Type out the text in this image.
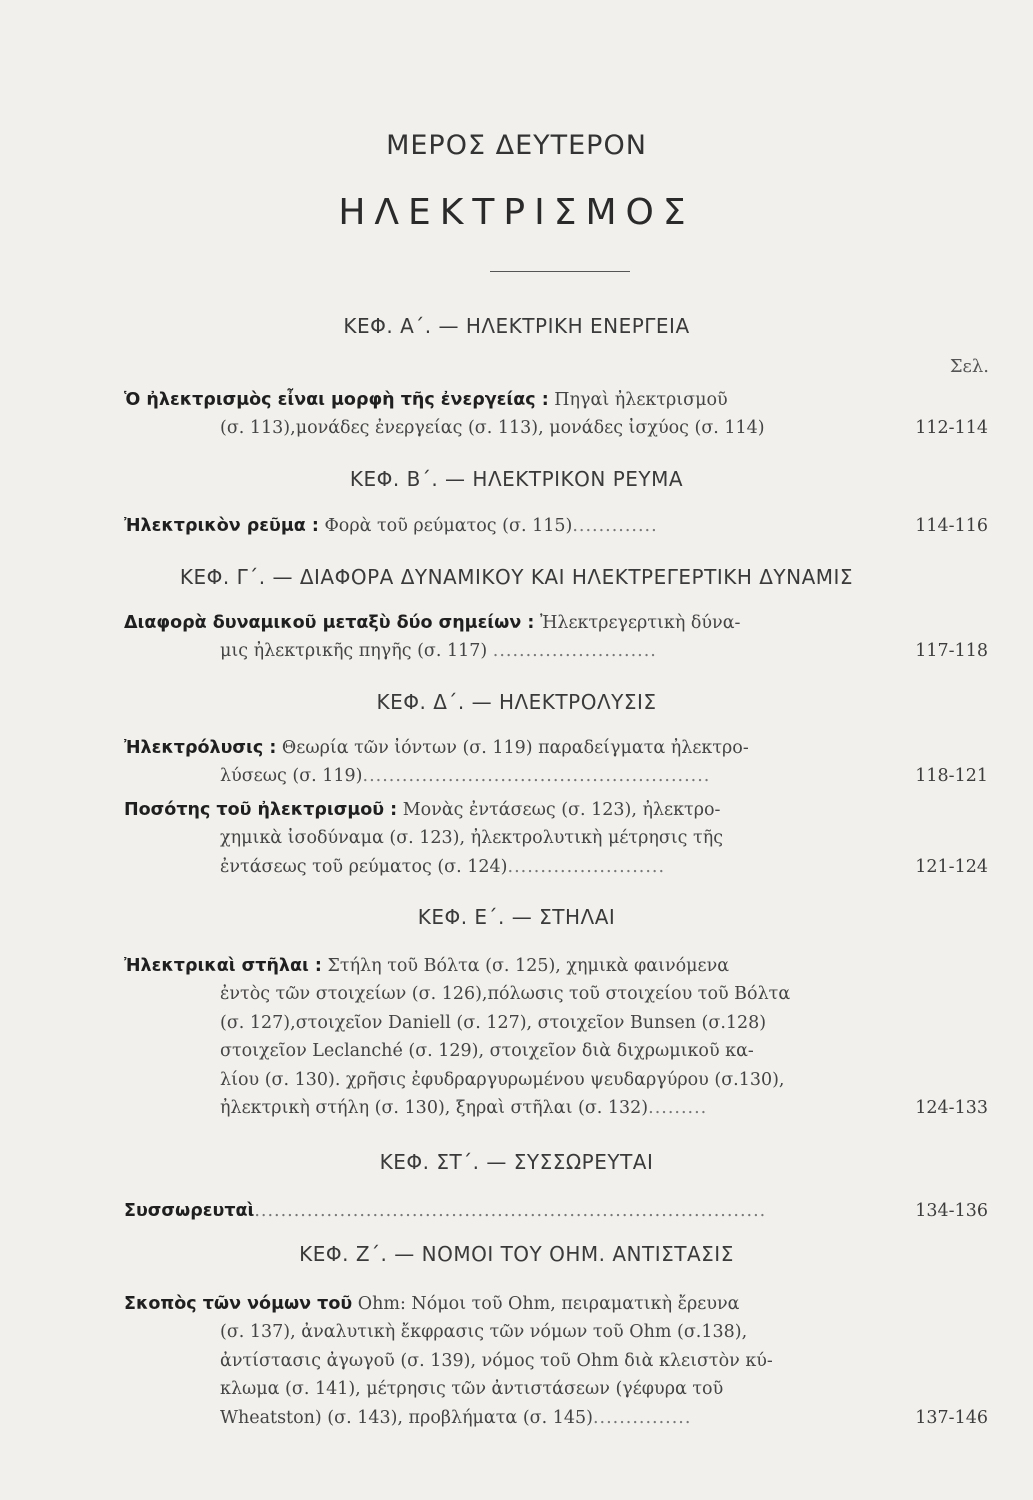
ΜΕΡΟΣ ΔΕΥΤΕΡΟΝ
ΗΛΕΚΤΡΙΣΜΟΣ
ΚΕΦ. Α΄. — ΗΛΕΚΤΡΙΚΗ ΕΝΕΡΓΕΙΑ
Σελ.
Ὁ ἠλεκτρισμὸς εἶναι μορφὴ τῆς ἐνεργείας : Πηγαὶ ἠλεκτρισμοῦ
(σ. 113),μονάδες ἐνεργείας (σ. 113), μονάδες ἰσχύος (σ. 114)	112-114
ΚΕΦ. Β΄. — ΗΛΕΚΤΡΙΚΟΝ ΡΕΥΜΑ
Ἠλεκτρικὸν ρεῦμα : Φορὰ τοῦ ρεύματος (σ. 115).............	114-116
ΚΕΦ. Γ΄. — ΔΙΑΦΟΡΑ ΔΥΝΑΜΙΚΟΥ ΚΑΙ ΗΛΕΚΤΡΕΓΕΡΤΙΚΗ ΔΥΝΑΜΙΣ
Διαφορὰ δυναμικοῦ μεταξὺ δύο σημείων : Ἠλεκτρεγερτικὴ δύνα-
μις ἠλεκτρικῆς πηγῆς (σ. 117) .........................	117-118
ΚΕΦ. Δ΄. — ΗΛΕΚΤΡΟΛΥΣΙΣ
Ἠλεκτρόλυσις : Θεωρία τῶν ἰόντων (σ. 119) παραδείγματα ἠλεκτρο-
λύσεως (σ. 119).....................................................	118-121
Ποσότης τοῦ ἠλεκτρισμοῦ : Μονὰς ἐντάσεως (σ. 123), ἠλεκτρο-
χημικὰ ἰσοδύναμα (σ. 123), ἠλεκτρολυτικὴ μέτρησις τῆς
ἐντάσεως τοῦ ρεύματος (σ. 124)........................	121-124
ΚΕΦ. Ε΄. — ΣΤΗΛΑΙ
Ἠλεκτρικαὶ στῆλαι : Στήλη τοῦ Βόλτα (σ. 125), χημικὰ φαινόμενα
ἐντὸς τῶν στοιχείων (σ. 126),πόλωσις τοῦ στοιχείου τοῦ Βόλτα
(σ. 127),στοιχεῖον Daniell (σ. 127), στοιχεῖον Bunsen (σ.128)
στοιχεῖον Leclanché (σ. 129), στοιχεῖον διὰ διχρωμικοῦ κα-
λίου (σ. 130). χρῆσις ἐφυδραργυρωμένου ψευδαργύρου (σ.130),
ἠλεκτρικὴ στήλη (σ. 130), ξηραὶ στῆλαι (σ. 132).........	124-133
ΚΕΦ. ΣΤ΄. — ΣΥΣΣΩΡΕΥΤΑΙ
Συσσωρευταὶ..............................................................................	134-136
ΚΕΦ. Ζ΄. — ΝΟΜΟΙ ΤΟΥ ΟΗΜ. ΑΝΤΙΣΤΑΣΙΣ
Σκοπὸς τῶν νόμων τοῦ Ohm: Νόμοι τοῦ Ohm, πειραματικὴ ἔρευνα
(σ. 137), ἀναλυτικὴ ἔκφρασις τῶν νόμων τοῦ Ohm (σ.138),
ἀντίστασις ἀγωγοῦ (σ. 139), νόμος τοῦ Ohm διὰ κλειστὸν κύ-
κλωμα (σ. 141), μέτρησις τῶν ἀντιστάσεων (γέφυρα τοῦ
Wheatston) (σ. 143), προβλήματα (σ. 145)...............	137-146
